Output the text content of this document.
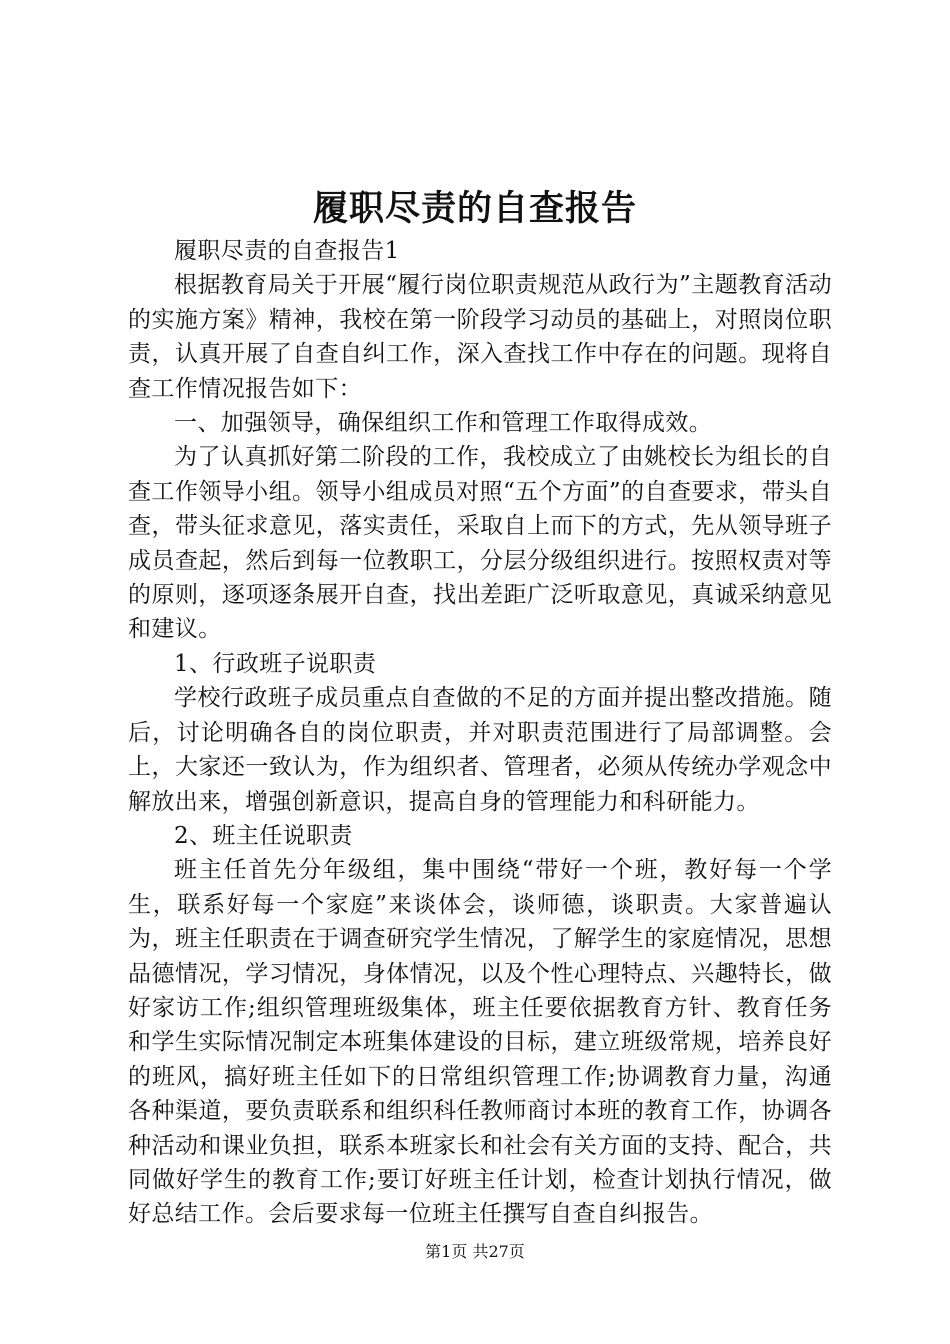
履职尽责的自查报告

履职尽责的自查报告1

根据教育局关于开展“履行岗位职责规范从政行为”主题教育活动的实施方案》精神，我校在第一阶段学习动员的基础上，对照岗位职责，认真开展了自查自纠工作，深入查找工作中存在的问题。现将自查工作情况报告如下：

一、加强领导，确保组织工作和管理工作取得成效。

为了认真抓好第二阶段的工作，我校成立了由姚校长为组长的自查工作领导小组。领导小组成员对照“五个方面”的自查要求，带头自查，带头征求意见，落实责任，采取自上而下的方式，先从领导班子成员查起，然后到每一位教职工，分层分级组织进行。按照权责对等的原则，逐项逐条展开自查，找出差距广泛听取意见，真诚采纳意见和建议。

1、行政班子说职责

学校行政班子成员重点自查做的不足的方面并提出整改措施。随后，讨论明确各自的岗位职责，并对职责范围进行了局部调整。会上，大家还一致认为，作为组织者、管理者，必须从传统办学观念中解放出来，增强创新意识，提高自身的管理能力和科研能力。

2、班主任说职责

班主任首先分年级组，集中围绕“带好一个班，教好每一个学生，联系好每一个家庭”来谈体会，谈师德，谈职责。大家普遍认为，班主任职责在于调查研究学生情况，了解学生的家庭情况，思想品德情况，学习情况，身体情况，以及个性心理特点、兴趣特长，做好家访工作;组织管理班级集体，班主任要依据教育方针、教育任务和学生实际情况制定本班集体建设的目标，建立班级常规，培养良好的班风，搞好班主任如下的日常组织管理工作;协调教育力量，沟通各种渠道，要负责联系和组织科任教师商讨本班的教育工作，协调各种活动和课业负担，联系本班家长和社会有关方面的支持、配合，共同做好学生的教育工作;要订好班主任计划，检查计划执行情况，做好总结工作。会后要求每一位班主任撰写自查自纠报告。

第1页 共27页
